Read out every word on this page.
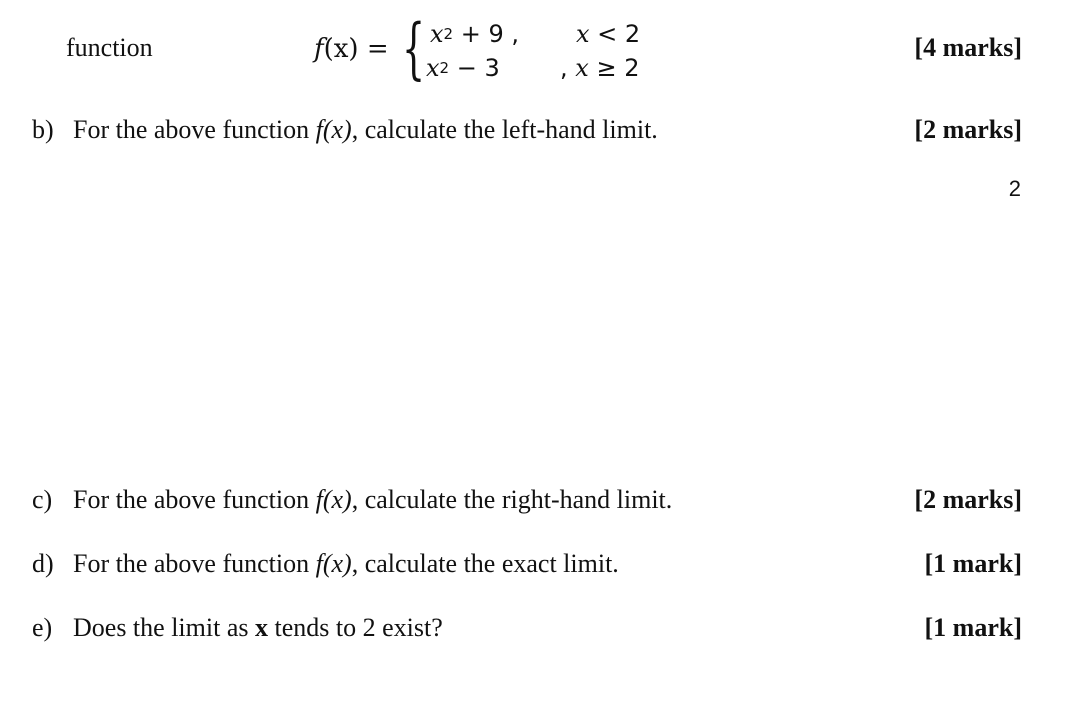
function	f(x) = { $x^2 + 9$ , x < 2
$x^2 - 3$	, x ≥ 2
[4 marks]
b) For the above function f(x), calculate the left-hand limit.	[2 marks]
2
c) For the above function f(x), calculate the right-hand limit.	[2 marks]
d) For the above function f(x), calculate the exact limit.	[1 mark]
e) Does the limit as x tends to 2 exist?	[1 mark]
